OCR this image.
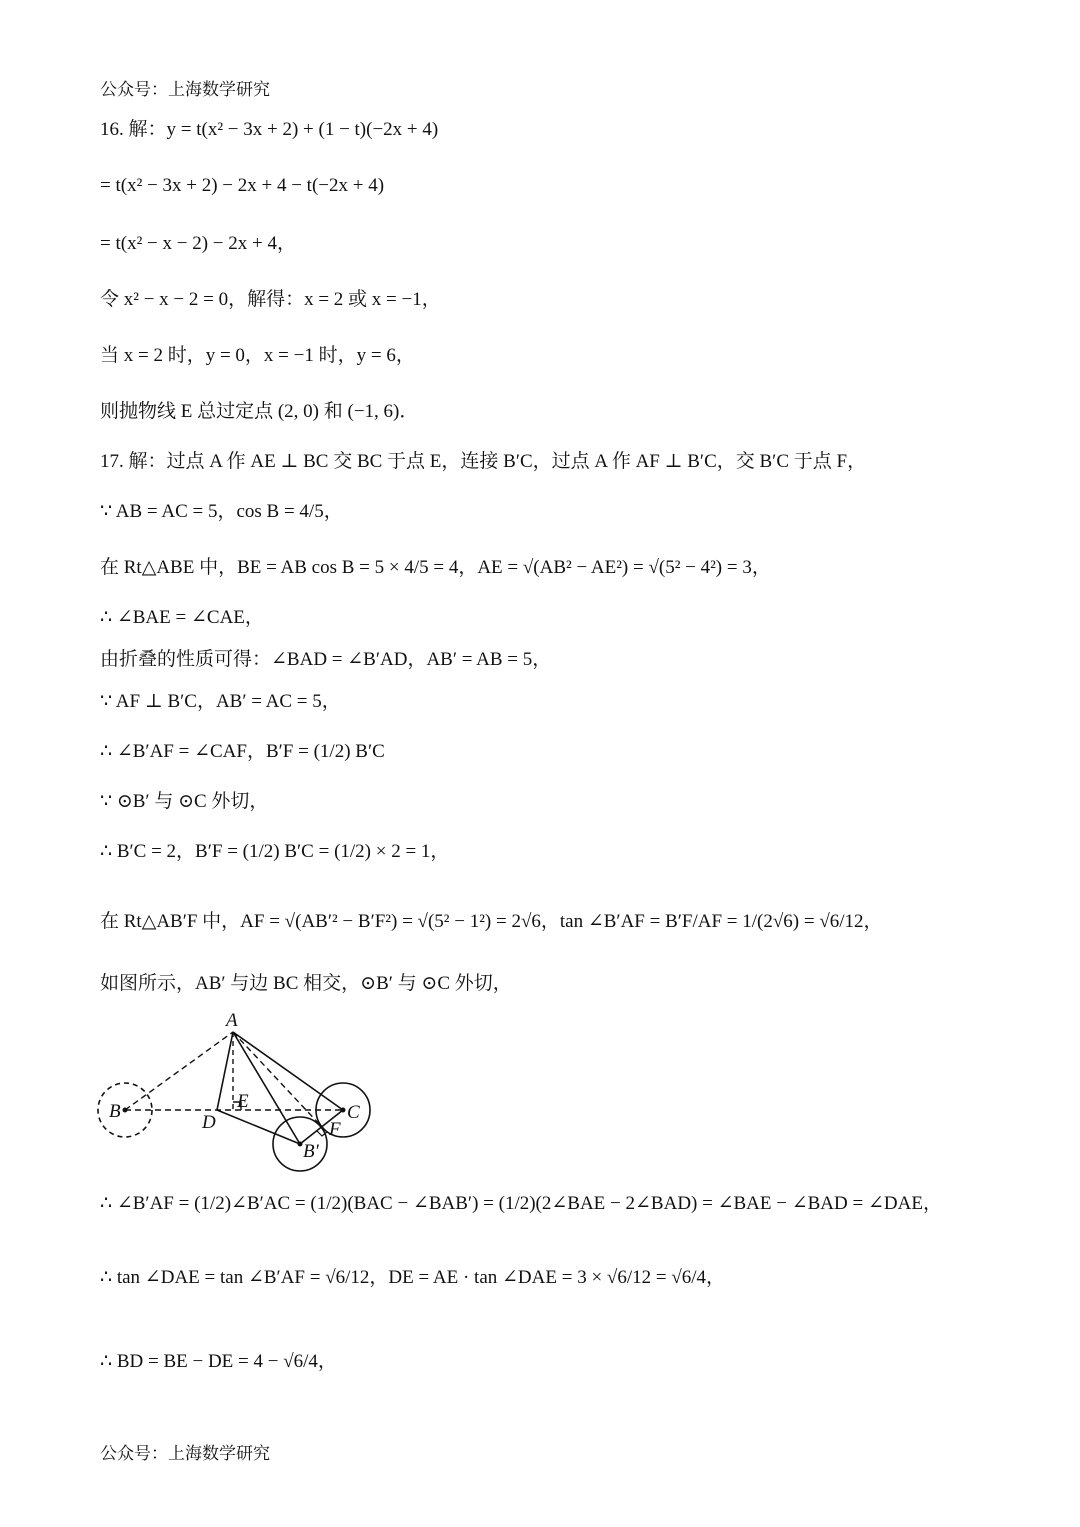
公众号：上海数学研究
16. 解：y = t(x² − 3x + 2) + (1 − t)(−2x + 4)
= t(x² − 3x + 2) − 2x + 4 − t(−2x + 4)
= t(x² − x − 2) − 2x + 4，
令 x² − x − 2 = 0，解得：x = 2 或 x = −1，
当 x = 2 时，y = 0，x = −1 时，y = 6，
则抛物线 E 总过定点 (2, 0) 和 (−1, 6)．
17. 解：过点 A 作 AE ⊥ BC 交 BC 于点 E，连接 B′C，过点 A 作 AF ⊥ B′C，交 B′C 于点 F，
∵ AB = AC = 5，cos B = 4/5，
在 Rt△ABE 中，BE = AB cos B = 5 × 4/5 = 4，AE = √(AB² − AE²) = √(5² − 4²) = 3，
∴ ∠BAE = ∠CAE，
由折叠的性质可得：∠BAD = ∠B′AD，AB′ = AB = 5，
∵ AF ⊥ B′C，AB′ = AC = 5，
∴ ∠B′AF = ∠CAF，B′F = (1/2) B′C
∵ ⊙B′ 与 ⊙C 外切，
∴ B′C = 2，B′F = (1/2) B′C = (1/2) × 2 = 1，
在 Rt△AB′F 中，AF = √(AB′² − B′F²) = √(5² − 1²) = 2√6，tan ∠B′AF = B′F/AF = 1/(2√6) = √6/12，
如图所示，AB′ 与边 BC 相交，⊙B′ 与 ⊙C 外切，
A
B	C
D
E
F
B′
∴ ∠B′AF = (1/2)∠B′AC = (1/2)(BAC − ∠BAB′) = (1/2)(2∠BAE − 2∠BAD) = ∠BAE − ∠BAD = ∠DAE，
∴ tan ∠DAE = tan ∠B′AF = √6/12，DE = AE · tan ∠DAE = 3 × √6/12 = √6/4，
∴ BD = BE − DE = 4 − √6/4，
公众号：上海数学研究
